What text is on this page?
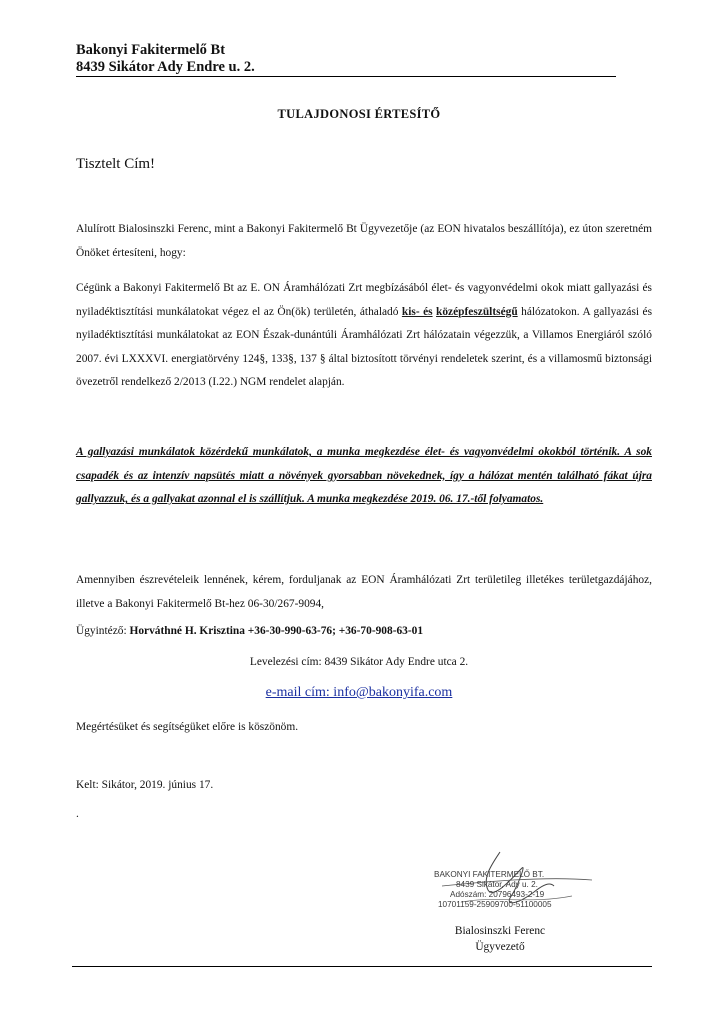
Bakonyi Fakitermelő Bt
8439 Sikátor Ady Endre u. 2.
TULAJDONOSI ÉRTESÍTŐ
Tisztelt Cím!

Alulírott Bialosinszki Ferenc, mint a Bakonyi Fakitermelő Bt Ügyvezetője (az EON hivatalos beszállítója), ez úton szeretném Önöket értesíteni, hogy:

Cégünk a Bakonyi Fakitermelő Bt az E. ON Áramhálózati Zrt megbízásából élet- és vagyonvédelmi okok miatt gallyazási és nyiladéktisztítási munkálatokat végez el az Ön(ök) területén, áthaladó kis- és középfeszültségű hálózatokon. A gallyazási és nyiladéktisztítási munkálatokat az EON Észak-dunántúli Áramhálózati Zrt hálózatain végezzük, a Villamos Energiáról szóló 2007. évi LXXXVI. energiatörvény 124§, 133§, 137 § által biztosított törvényi rendeletek szerint, és a villamosmű biztonsági övezetről rendelkező 2/2013 (I.22.) NGM rendelet alapján.

A gallyazási munkálatok közérdekű munkálatok, a munka megkezdése élet- és vagyonvédelmi okokból történik. A sok csapadék és az intenzív napsütés miatt a növények gyorsabban növekednek, így a hálózat mentén található fákat újra gallyazzuk, és a gallyakat azonnal el is szállítjuk. A munka megkezdése 2019. 06. 17.-től folyamatos.

Amennyiben észrevételeik lennének, kérem, forduljanak az EON Áramhálózati Zrt területileg illetékes területgazdájához, illetve a Bakonyi Fakitermelő Bt-hez 06-30/267-9094,

Ügyintéző: Horváthné H. Krisztina +36-30-990-63-76; +36-70-908-63-01
Levelezési cím: 8439 Sikátor Ady Endre utca 2.
e-mail cím: info@bakonyifa.com
Megértésüket és segítségüket előre is köszönöm.
Kelt: Sikátor, 2019. június 17.
.
BAKONYI FAKITERMELŐ BT.
8439 Sikátor, Ady u. 2.
Adószám: 20796493-2-19
10701159-25909700-51100005
Bialosinszki Ferenc
Ügyvezető
